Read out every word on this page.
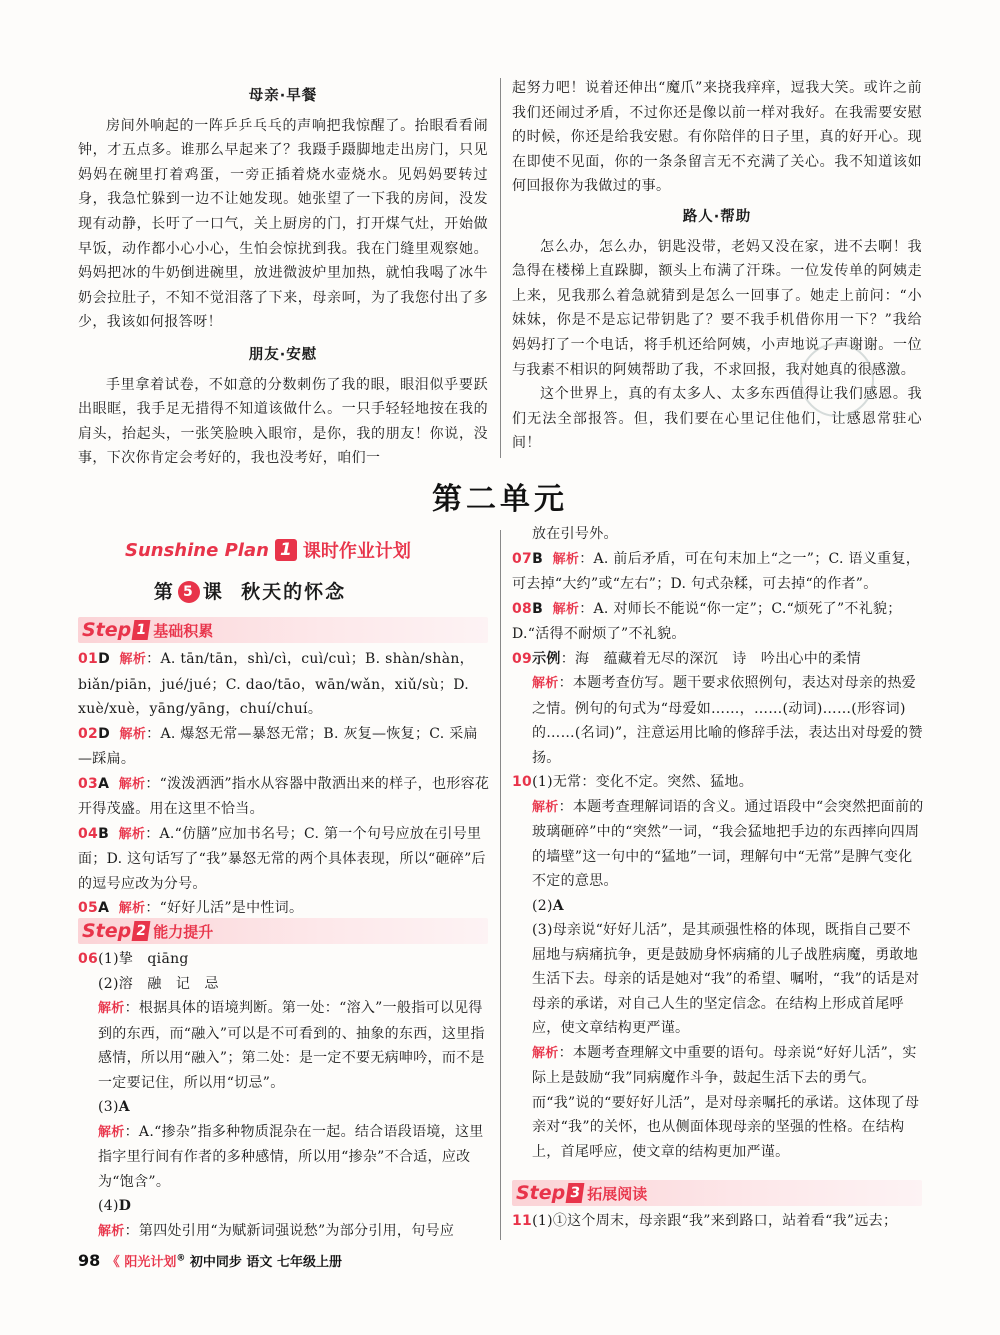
母亲·早餐

房间外响起的一阵乒乒乓乓的声响把我惊醒了。抬眼看看闹钟，才五点多。谁那么早起来了？我蹑手蹑脚地走出房门，只见妈妈在碗里打着鸡蛋，一旁正插着烧水壶烧水。见妈妈要转过身，我急忙躲到一边不让她发现。她张望了一下我的房间，没发现有动静，长吁了一口气，关上厨房的门，打开煤气灶，开始做早饭，动作都小心小心，生怕会惊扰到我。我在门缝里观察她。妈妈把冰的牛奶倒进碗里，放进微波炉里加热，就怕我喝了冰牛奶会拉肚子，不知不觉泪落了下来，母亲呵，为了我您付出了多少，我该如何报答呀！

朋友·安慰

手里拿着试卷，不如意的分数刺伤了我的眼，眼泪似乎要跃出眼眶，我手足无措得不知道该做什么。一只手轻轻地按在我的肩头，抬起头，一张笑脸映入眼帘，是你，我的朋友！你说，没事，下次你肯定会考好的，我也没考好，咱们一

起努力吧！说着还伸出“魔爪”来挠我痒痒，逗我大笑。或许之前我们还闹过矛盾，不过你还是像以前一样对我好。在我需要安慰的时候，你还是给我安慰。有你陪伴的日子里，真的好开心。现在即使不见面，你的一条条留言无不充满了关心。我不知道该如何回报你为我做过的事。

路人·帮助

怎么办，怎么办，钥匙没带，老妈又没在家，进不去啊！我急得在楼梯上直跺脚，额头上布满了汗珠。一位发传单的阿姨走上来，见我那么着急就猜到是怎么一回事了。她走上前问：“小妹妹，你是不是忘记带钥匙了？要不我手机借你用一下？”我给妈妈打了一个电话，将手机还给阿姨，小声地说了声谢谢。一位与我素不相识的阿姨帮助了我，不求回报，我对她真的很感激。

这个世界上，真的有太多人、太多东西值得让我们感恩。我们无法全部报答。但，我们要在心里记住他们，让感恩常驻心间！

第二单元
Sunshine Plan 1 课时作业计划
第 5 课 秋天的怀念
Step 1 基础积累
01D 解析：A. tān/tān，shì/cì，cuì/cuì；B. shàn/shàn，biǎn/piān，jué/jué；C. dao/tāo，wān/wǎn，xiǔ/sù；D. xuè/xuè，yāng/yāng，chuí/chuí。
02D 解析：A. 爆怒无常—暴怒无常；B. 灰复—恢复；C. 采扁—踩扁。
03A 解析：“泼泼洒洒”指水从容器中散洒出来的样子，也形容花开得茂盛。用在这里不恰当。
04B 解析：A.“仿膳”应加书名号；C. 第一个句号应放在引号里面；D. 这句话写了“我”暴怒无常的两个具体表现，所以“砸碎”后的逗号应改为分号。
05A 解析：“好好儿活”是中性词。
Step 2 能力提升
06(1)挚　qiāng
(2)溶　融　记　忌
解析：根据具体的语境判断。第一处：“溶入”一般指可以见得到的东西，而“融入”可以是不可看到的、抽象的东西，这里指感情，所以用“融入”；第二处：是一定不要无病呻吟，而不是一定要记住，所以用“切忌”。
(3)A
解析：A.“掺杂”指多种物质混杂在一起。结合语段语境，这里指字里行间有作者的多种感情，所以用“掺杂”不合适，应改为“饱含”。
(4)D
解析：第四处引用“为赋新词强说愁”为部分引用，句号应
放在引号外。
07B 解析：A. 前后矛盾，可在句末加上“之一”；C. 语义重复，可去掉“大约”或“左右”；D. 句式杂糅，可去掉“的作者”。
08B 解析：A. 对师长不能说“你一定”；C.“烦死了”不礼貌；D.“活得不耐烦了”不礼貌。
09示例：海　蕴藏着无尽的深沉　诗　吟出心中的柔情
解析：本题考查仿写。题干要求依照例句，表达对母亲的热爱之情。例句的句式为“母爱如……，……(动词)……(形容词)的……(名词)”，注意运用比喻的修辞手法，表达出对母爱的赞扬。
10(1)无常：变化不定。突然、猛地。
解析：本题考查理解词语的含义。通过语段中“会突然把面前的玻璃砸碎”中的“突然”一词，“我会猛地把手边的东西摔向四周的墙壁”这一句中的“猛地”一词，理解句中“无常”是脾气变化不定的意思。
(2)A
(3)母亲说“好好儿活”，是其顽强性格的体现，既指自己要不屈地与病痛抗争，更是鼓励身怀病痛的儿子战胜病魔，勇敢地生活下去。母亲的话是她对“我”的希望、嘱咐，“我”的话是对母亲的承诺，对自己人生的坚定信念。在结构上形成首尾呼应，使文章结构更严谨。
解析：本题考查理解文中重要的语句。母亲说“好好儿活”，实际上是鼓励“我”同病魔作斗争，鼓起生活下去的勇气。而“我”说的“要好好儿活”，是对母亲嘱托的承诺。这体现了母亲对“我”的关怀，也从侧面体现母亲的坚强的性格。在结构上，首尾呼应，使文章的结构更加严谨。
Step 3 拓展阅读
11(1)①这个周末，母亲跟“我”来到路口，站着看“我”远去；
98 《 阳光计划® 初中同步 语文 七年级上册
